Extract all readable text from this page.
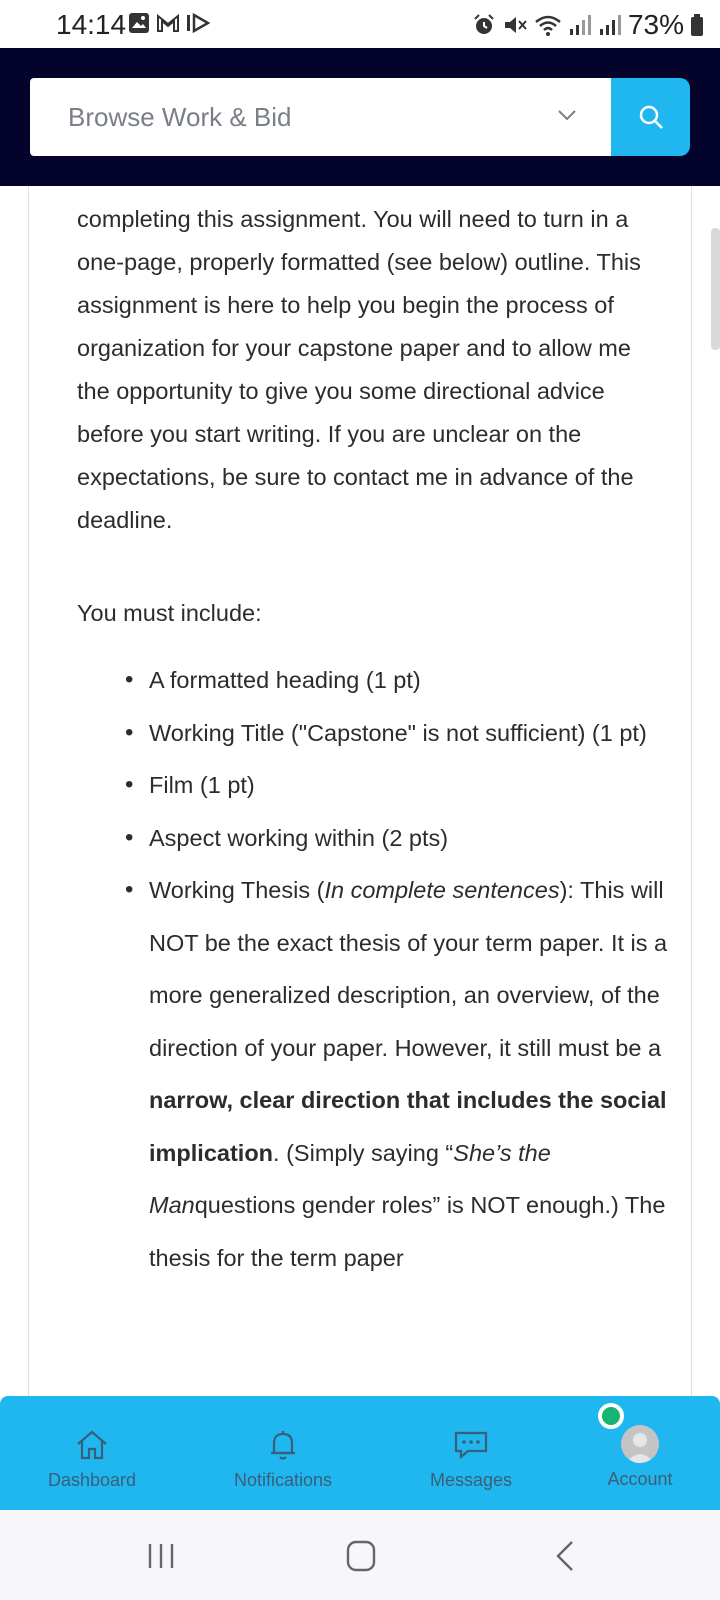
14:14	73%
Browse Work & Bid

completing this assignment. You will need to turn in a one-page, properly formatted (see below) outline. This assignment is here to help you begin the process of organization for your capstone paper and to allow me the opportunity to give you some directional advice before you start writing. If you are unclear on the expectations, be sure to contact me in advance of the deadline.

You must include:

• A formatted heading (1 pt)
• Working Title ("Capstone" is not sufficient) (1 pt)
• Film (1 pt)
• Aspect working within (2 pts)
• Working Thesis (In complete sentences): This will NOT be the exact thesis of your term paper. It is a more generalized description, an overview, of the direction of your paper. However, it still must be a narrow, clear direction that includes the social implication. (Simply saying “She’s the Manquestions gender roles” is NOT enough.) The thesis for the term paper
Dashboard	Notifications	Messages	Account
